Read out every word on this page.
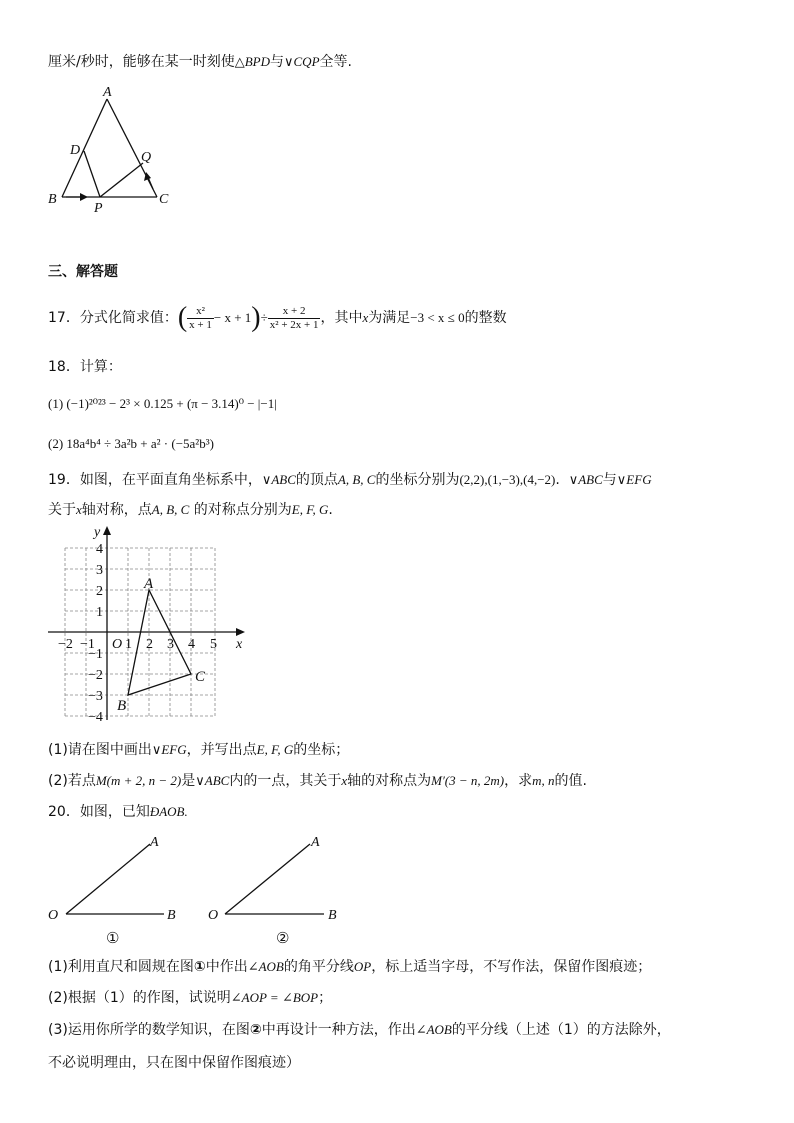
厘米/秒时，能够在某一时刻使△BPD与∨CQP全等.
A
D	Q
B
P
C
三、解答题
17．分式化简求值：( $\frac{\text{x²}}{x + 1} - x + 1)\div \frac{x + 2}{\text{x² + 2x + 1}}$ ，其中x为满足−3 < x ≤ 0的整数
18．计算：
(1) (−1)²⁰²³ − 2³ × 0.125 + (π − 3.14)⁰ − |−1|
(2) 18a⁴b⁴ ÷ 3a²b + a² · (−5a²b³)
19．如图，在平面直角坐标系中，∨ABC的顶点A, B, C的坐标分别为(2,2),(1,−3),(4,−2). ∨ABC与∨EFG
关于x轴对称，点A, B, C 的对称点分别为E, F, G.
x
y
O
−2 −1 1 2 3 4 5
4
3
2
1
−1
−2
−3
−4
A
B
C
(1)请在图中画出∨EFG，并写出点E, F, G的坐标；
(2)若点M(m + 2, n − 2)是∨ABC内的一点，其关于x轴的对称点为M′(3 − n, 2m)，求m, n的值.
20．如图，已知ÐAOB.
A
O	B
A
O	B
①	②
(1)利用直尺和圆规在图①中作出∠AOB的角平分线OP，标上适当字母，不写作法，保留作图痕迹；
(2)根据（1）的作图，试说明∠AOP = ∠BOP；
(3)运用你所学的数学知识，在图②中再设计一种方法，作出∠AOB的平分线（上述（1）的方法除外，
不必说明理由，只在图中保留作图痕迹）
